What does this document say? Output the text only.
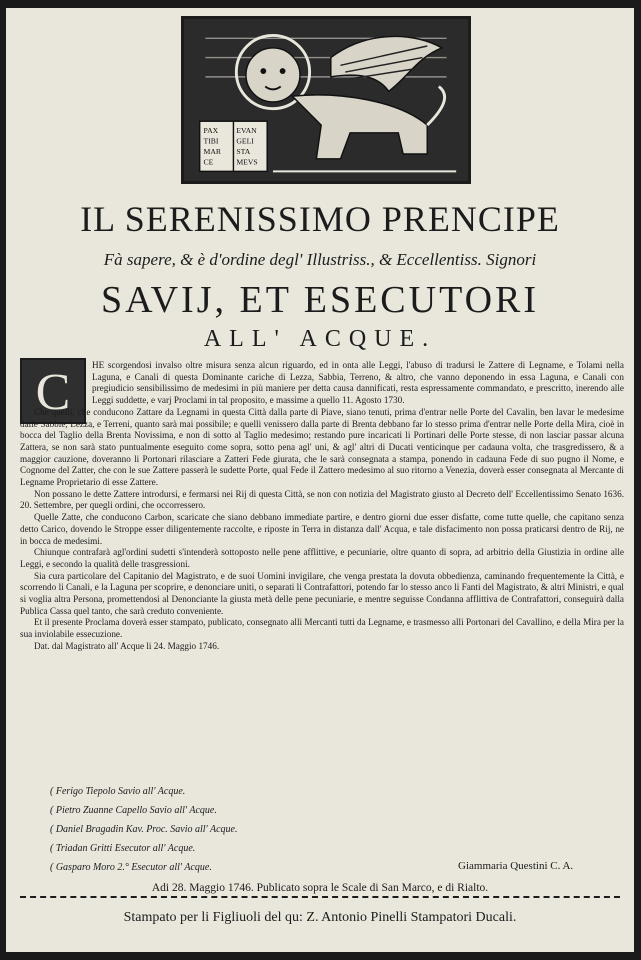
PAX
TIBI
MAR
CE
EVAN
GELI
STA
MEVS
IL SERENISSIMO PRENCIPE
Fà sapere, & è d'ordine degl' Illustriss., & Eccellentiss. Signori
SAVIJ, ET ESECUTORI
ALL' ACQUE.
C	HE scorgendosi invalso oltre misura senza alcun riguardo, ed in onta alle Leggi, l'abuso di tradursi le Zattere di Legname, e Tolami nella Laguna, e Canali di questa Dominante cariche di Lezza, Sabbia, Terreno, & altro, che vanno deponendo in essa Laguna, e Canali con pregiudicio sensibilissimo de medesimi in più maniere per detta causa dannificati, resta espressamente commandato, e prescritto, inerendo alle Leggi suddette, e varj Proclami in tal proposito, e massime a quello 11. Agosto 1730.

Che quelli, che conducono Zattare da Legnami in questa Città dalla parte di Piave, siano tenuti, prima d'entrar nelle Porte del Cavalin, ben lavar le medesime dalle Sabbie, Lezza, e Terreni, quanto sarà mai possibile; e quelli venissero dalla parte di Brenta debbano far lo stesso prima d'entrar nelle Porte della Mira, cioè in bocca del Taglio della Brenta Novissima, e non di sotto al Taglio medesimo; restando pure incaricati li Portinari delle Porte stesse, di non lasciar passar alcuna Zattera, se non sarà stato puntualmente eseguito come sopra, sotto pena agl' uni, & agl' altri di Ducati venticinque per cadauna volta, che trasgredissero, & a maggior cauzione, doveranno li Portonari rilasciare a Zatteri Fede giurata, che le sarà consegnata a stampa, ponendo in cadauna Fede di suo pugno il Nome, e Cognome del Zatter, che con le sue Zattere passerà le sudette Porte, qual Fede il Zattero medesimo al suo ritorno a Venezia, doverà esser consegnata al Mercante di Legname Proprietario di esse Zattere.

Non possano le dette Zattere introdursi, e fermarsi nei Rij di questa Città, se non con notizia del Magistrato giusto al Decreto dell' Eccellentissimo Senato 1636. 20. Settembre, per quegli ordini, che occorressero.

Quelle Zatte, che conducono Carbon, scaricate che siano debbano immediate partire, e dentro giorni due esser disfatte, come tutte quelle, che capitano senza detto Carico, dovendo le Stroppe esser diligentemente raccolte, e riposte in Terra in distanza dall' Acqua, e tale disfacimento non possa praticarsi dentro de Rij, ne in bocca de medesimi.

Chiunque contrafarà agl'ordini sudetti s'intenderà sottoposto nelle pene afflittive, e pecuniarie, oltre quanto di sopra, ad arbitrio della Giustizia in ordine alle Leggi, e secondo la qualità delle trasgressioni.

Sia cura particolare del Capitanio del Magistrato, e de suoi Uomini invigilare, che venga prestata la dovuta obbedienza, caminando frequentemente la Città, e scorrendo li Canali, e la Laguna per scoprire, e denonciare uniti, o separati li Contrafattori, potendo far lo stesso anco li Fanti del Magistrato, & altri Ministri, e qual si voglia altra Persona, promettendosi al Denonciante la giusta metà delle pene pecuniarie, e mentre seguisse Condanna afflittiva de Contrafattori, conseguirà dalla Publica Cassa quel tanto, che sarà creduto conveniente.

Et il presente Proclama doverà esser stampato, publicato, consegnato alli Mercanti tutti da Legname, e trasmesso alli Portonari del Cavallino, e della Mira per la sua inviolabile essecuzione.

Dat. dal Magistrato all' Acque li 24. Maggio 1746.

( Ferigo Tiepolo Savio all' Acque.
( Pietro Zuanne Capello Savio all' Acque.
( Daniel Bragadin Kav. Proc. Savio all' Acque.
( Triadan Gritti Esecutor all' Acque.
( Gasparo Moro 2.° Esecutor all' Acque.	Giammaria Questini C. A.
Adi 28. Maggio 1746. Publicato sopra le Scale di San Marco, e di Rialto.
Stampato per li Figliuoli del qu: Z. Antonio Pinelli Stampatori Ducali.
